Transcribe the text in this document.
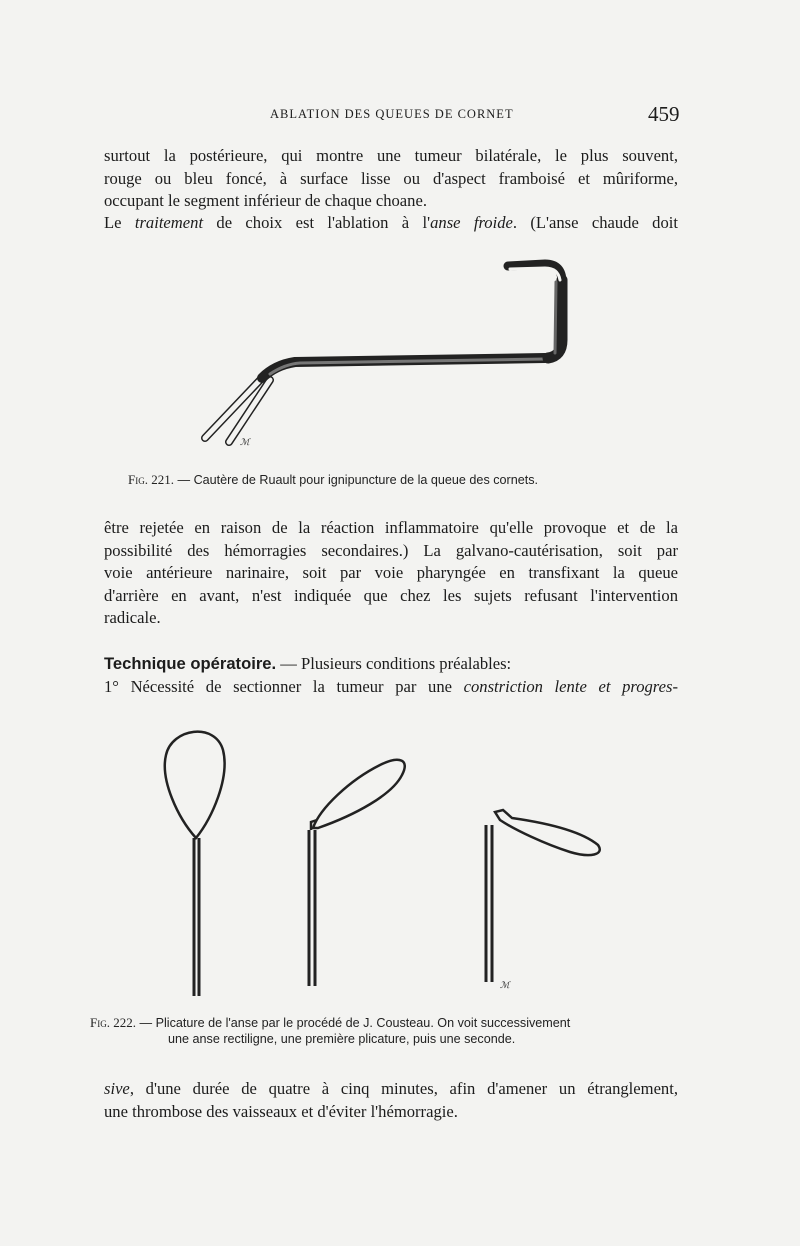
ABLATION DES QUEUES DE CORNET	459
surtout la postérieure, qui montre une tumeur bilatérale, le plus souvent,
rouge ou bleu foncé, à surface lisse ou d'aspect framboisé et mûriforme,
occupant le segment inférieur de chaque choane.
Le traitement de choix est l'ablation à l'anse froide. (L'anse chaude doit
ℳ
Fig. 221. — Cautère de Ruault pour ignipuncture de la queue des cornets.
être rejetée en raison de la réaction inflammatoire qu'elle provoque et de la
possibilité des hémorragies secondaires.) La galvano-cautérisation, soit par
voie antérieure narinaire, soit par voie pharyngée en transfixant la queue
d'arrière en avant, n'est indiquée que chez les sujets refusant l'intervention
radicale.
Technique opératoire. — Plusieurs conditions préalables:
1° Nécessité de sectionner la tumeur par une constriction lente et progres-
ℳ
Fig. 222. — Plicature de l'anse par le procédé de J. Cousteau. On voit successivement
une anse rectiligne, une première plicature, puis une seconde.
sive, d'une durée de quatre à cinq minutes, afin d'amener un étranglement,
une thrombose des vaisseaux et d'éviter l'hémorragie.
